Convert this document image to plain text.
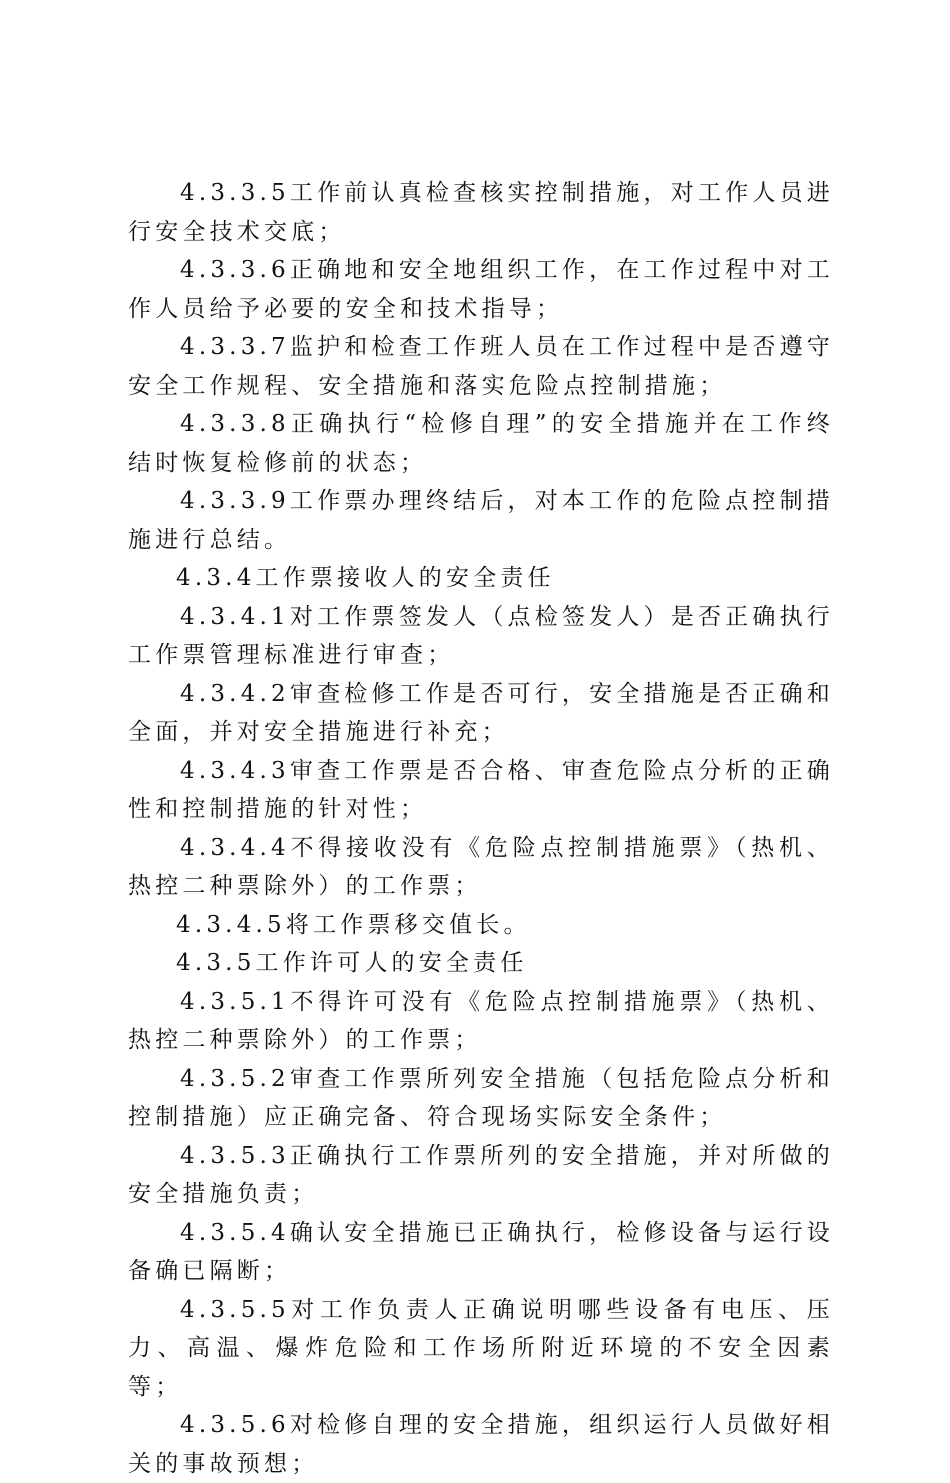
4.3.3.5工作前认真检查核实控制措施，对工作人员进行安全技术交底；

4.3.3.6正确地和安全地组织工作，在工作过程中对工作人员给予必要的安全和技术指导；

4.3.3.7监护和检查工作班人员在工作过程中是否遵守安全工作规程、安全措施和落实危险点控制措施；

4.3.3.8正确执行“检修自理”的安全措施并在工作终结时恢复检修前的状态；

4.3.3.9工作票办理终结后，对本工作的危险点控制措施进行总结。

4.3.4工作票接收人的安全责任

4.3.4.1对工作票签发人（点检签发人）是否正确执行工作票管理标准进行审查；

4.3.4.2审查检修工作是否可行，安全措施是否正确和全面，并对安全措施进行补充；

4.3.4.3审查工作票是否合格、审查危险点分析的正确性和控制措施的针对性；

4.3.4.4不得接收没有《危险点控制措施票》（热机、热控二种票除外）的工作票；

4.3.4.5将工作票移交值长。

4.3.5工作许可人的安全责任

4.3.5.1不得许可没有《危险点控制措施票》（热机、热控二种票除外）的工作票；

4.3.5.2审查工作票所列安全措施（包括危险点分析和控制措施）应正确完备、符合现场实际安全条件；

4.3.5.3正确执行工作票所列的安全措施，并对所做的安全措施负责；

4.3.5.4确认安全措施已正确执行，检修设备与运行设备确已隔断；

4.3.5.5对工作负责人正确说明哪些设备有电压、压力、高温、爆炸危险和工作场所附近环境的不安全因素等；

4.3.5.6对检修自理的安全措施，组织运行人员做好相关的事故预想；
